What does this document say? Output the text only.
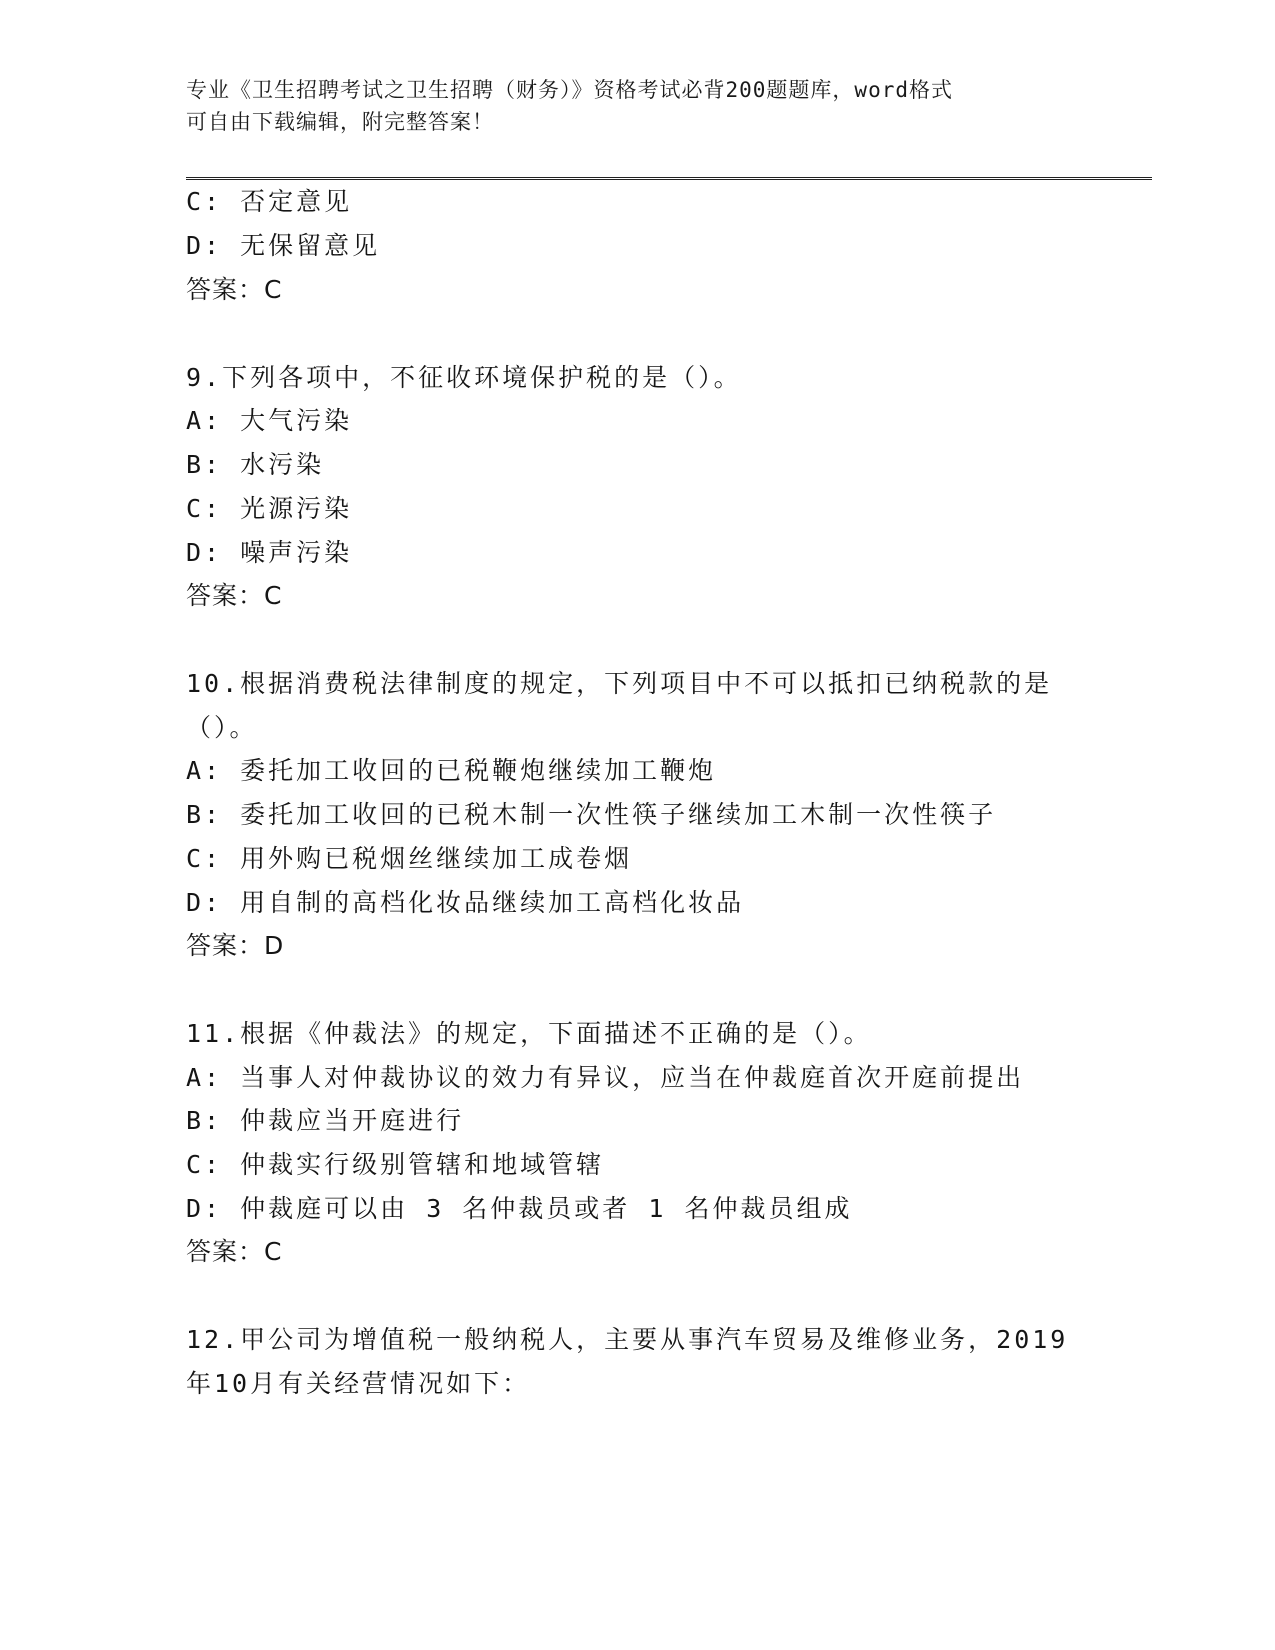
专业《卫生招聘考试之卫生招聘（财务）》资格考试必背200题题库，word格式
可自由下载编辑，附完整答案！
C: 否定意见
D: 无保留意见
答案：C
9.下列各项中，不征收环境保护税的是（）。
A: 大气污染
B: 水污染
C: 光源污染
D: 噪声污染
答案：C
10.根据消费税法律制度的规定，下列项目中不可以抵扣已纳税款的是
（）。
A: 委托加工收回的已税鞭炮继续加工鞭炮
B: 委托加工收回的已税木制一次性筷子继续加工木制一次性筷子
C: 用外购已税烟丝继续加工成卷烟
D: 用自制的高档化妆品继续加工高档化妆品
答案：D
11.根据《仲裁法》的规定，下面描述不正确的是（）。
A: 当事人对仲裁协议的效力有异议，应当在仲裁庭首次开庭前提出
B: 仲裁应当开庭进行
C: 仲裁实行级别管辖和地域管辖
D: 仲裁庭可以由 3 名仲裁员或者 1 名仲裁员组成
答案：C
12.甲公司为增值税一般纳税人，主要从事汽车贸易及维修业务，2019
年10月有关经营情况如下：
